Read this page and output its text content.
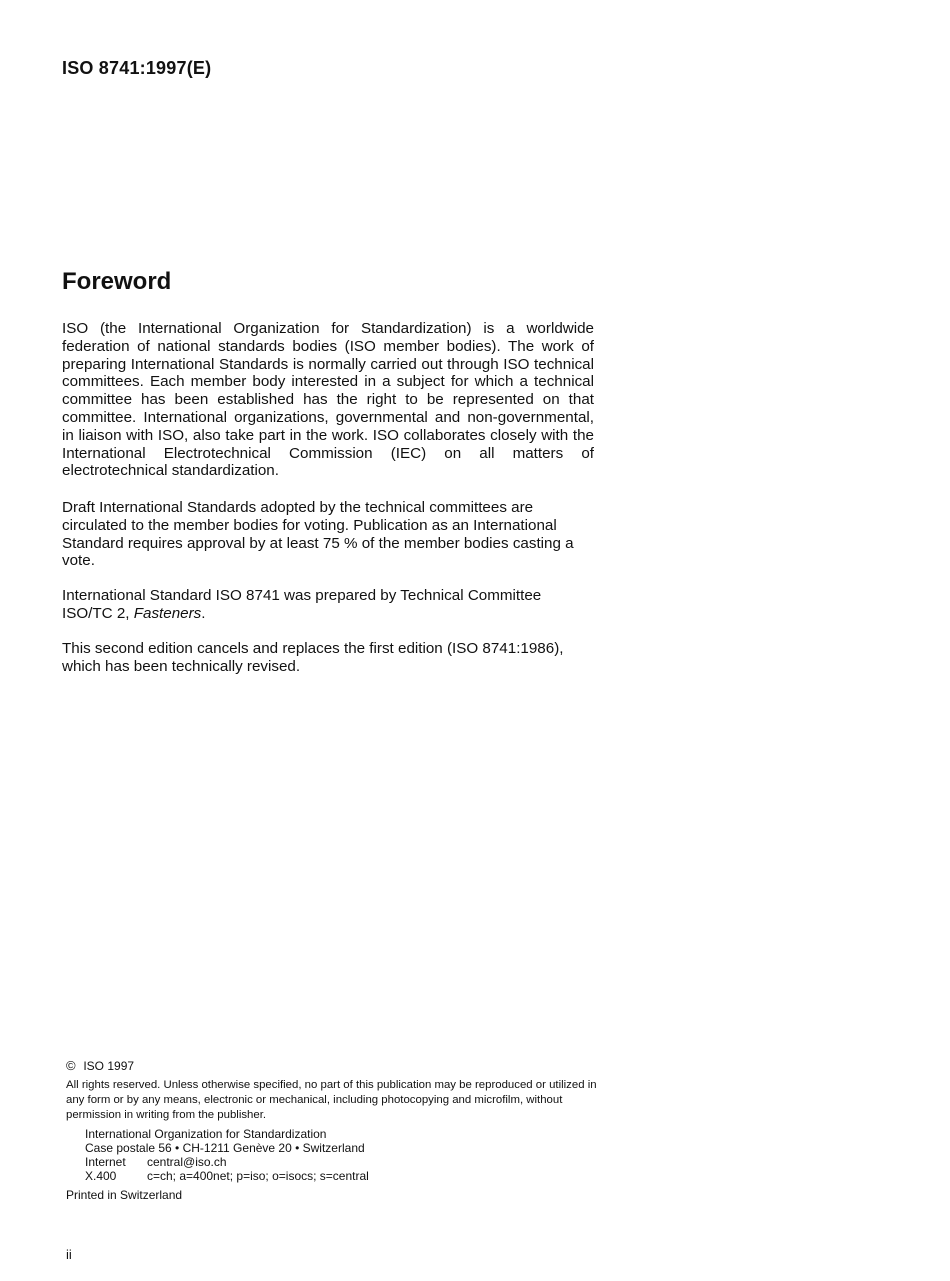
ISO 8741:1997(E)
Foreword

ISO (the International Organization for Standardization) is a worldwide federation of national standards bodies (ISO member bodies). The work of preparing International Standards is normally carried out through ISO technical committees. Each member body interested in a subject for which a technical committee has been established has the right to be represented on that committee. International organizations, governmental and non-governmental, in liaison with ISO, also take part in the work. ISO collaborates closely with the International Electrotechnical Commission (IEC) on all matters of electrotechnical standardization.

Draft International Standards adopted by the technical committees are circulated to the member bodies for voting. Publication as an International Standard requires approval by at least 75 % of the member bodies casting a vote.

International Standard ISO 8741 was prepared by Technical Committee ISO/TC 2, Fasteners.

This second edition cancels and replaces the first edition (ISO 8741:1986), which has been technically revised.

© ISO 1997

All rights reserved. Unless otherwise specified, no part of this publication may be reproduced or utilized in any form or by any means, electronic or mechanical, including photocopying and microfilm, without permission in writing from the publisher.

International Organization for Standardization
Case postale 56 • CH-1211 Genève 20 • Switzerland
Internet central@iso.ch
X.400	c=ch; a=400net; p=iso; o=isocs; s=central
Printed in Switzerland
ii
